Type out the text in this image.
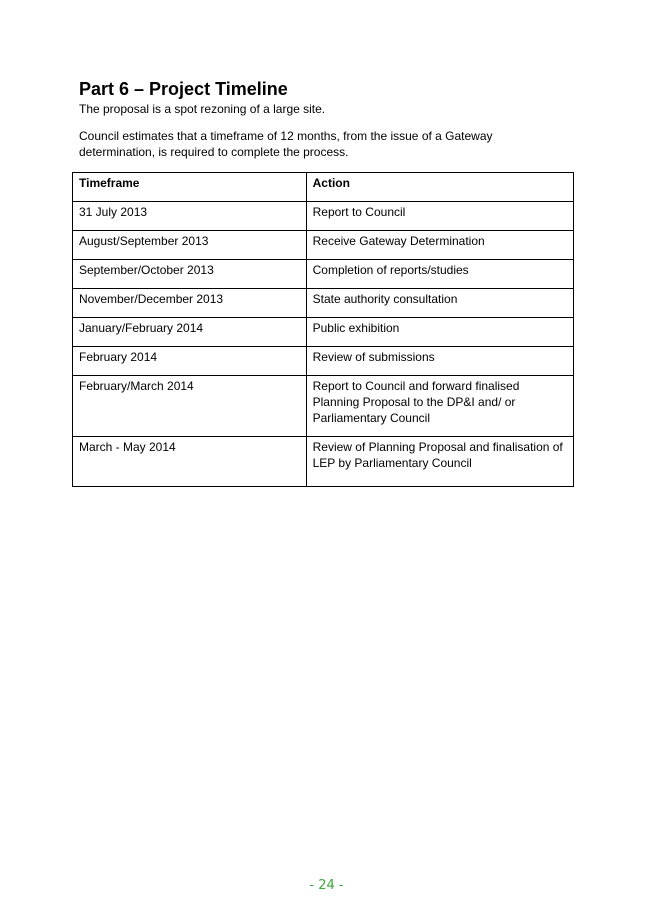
Part 6 – Project Timeline

The proposal is a spot rezoning of a large site.

Council estimates that a timeframe of 12 months, from the issue of a Gateway determination, is required to complete the process.

Timeframe	Action
31 July 2013	Report to Council
August/September 2013	Receive Gateway Determination
September/October 2013	Completion of reports/studies
November/December 2013	State authority consultation
January/February 2014	Public exhibition
February 2014	Review of submissions
February/March 2014	Report to Council and forward finalised Planning Proposal to the DP&I and/ or Parliamentary Council
March - May 2014	Review of Planning Proposal and finalisation of LEP by Parliamentary Council
- 24 -
